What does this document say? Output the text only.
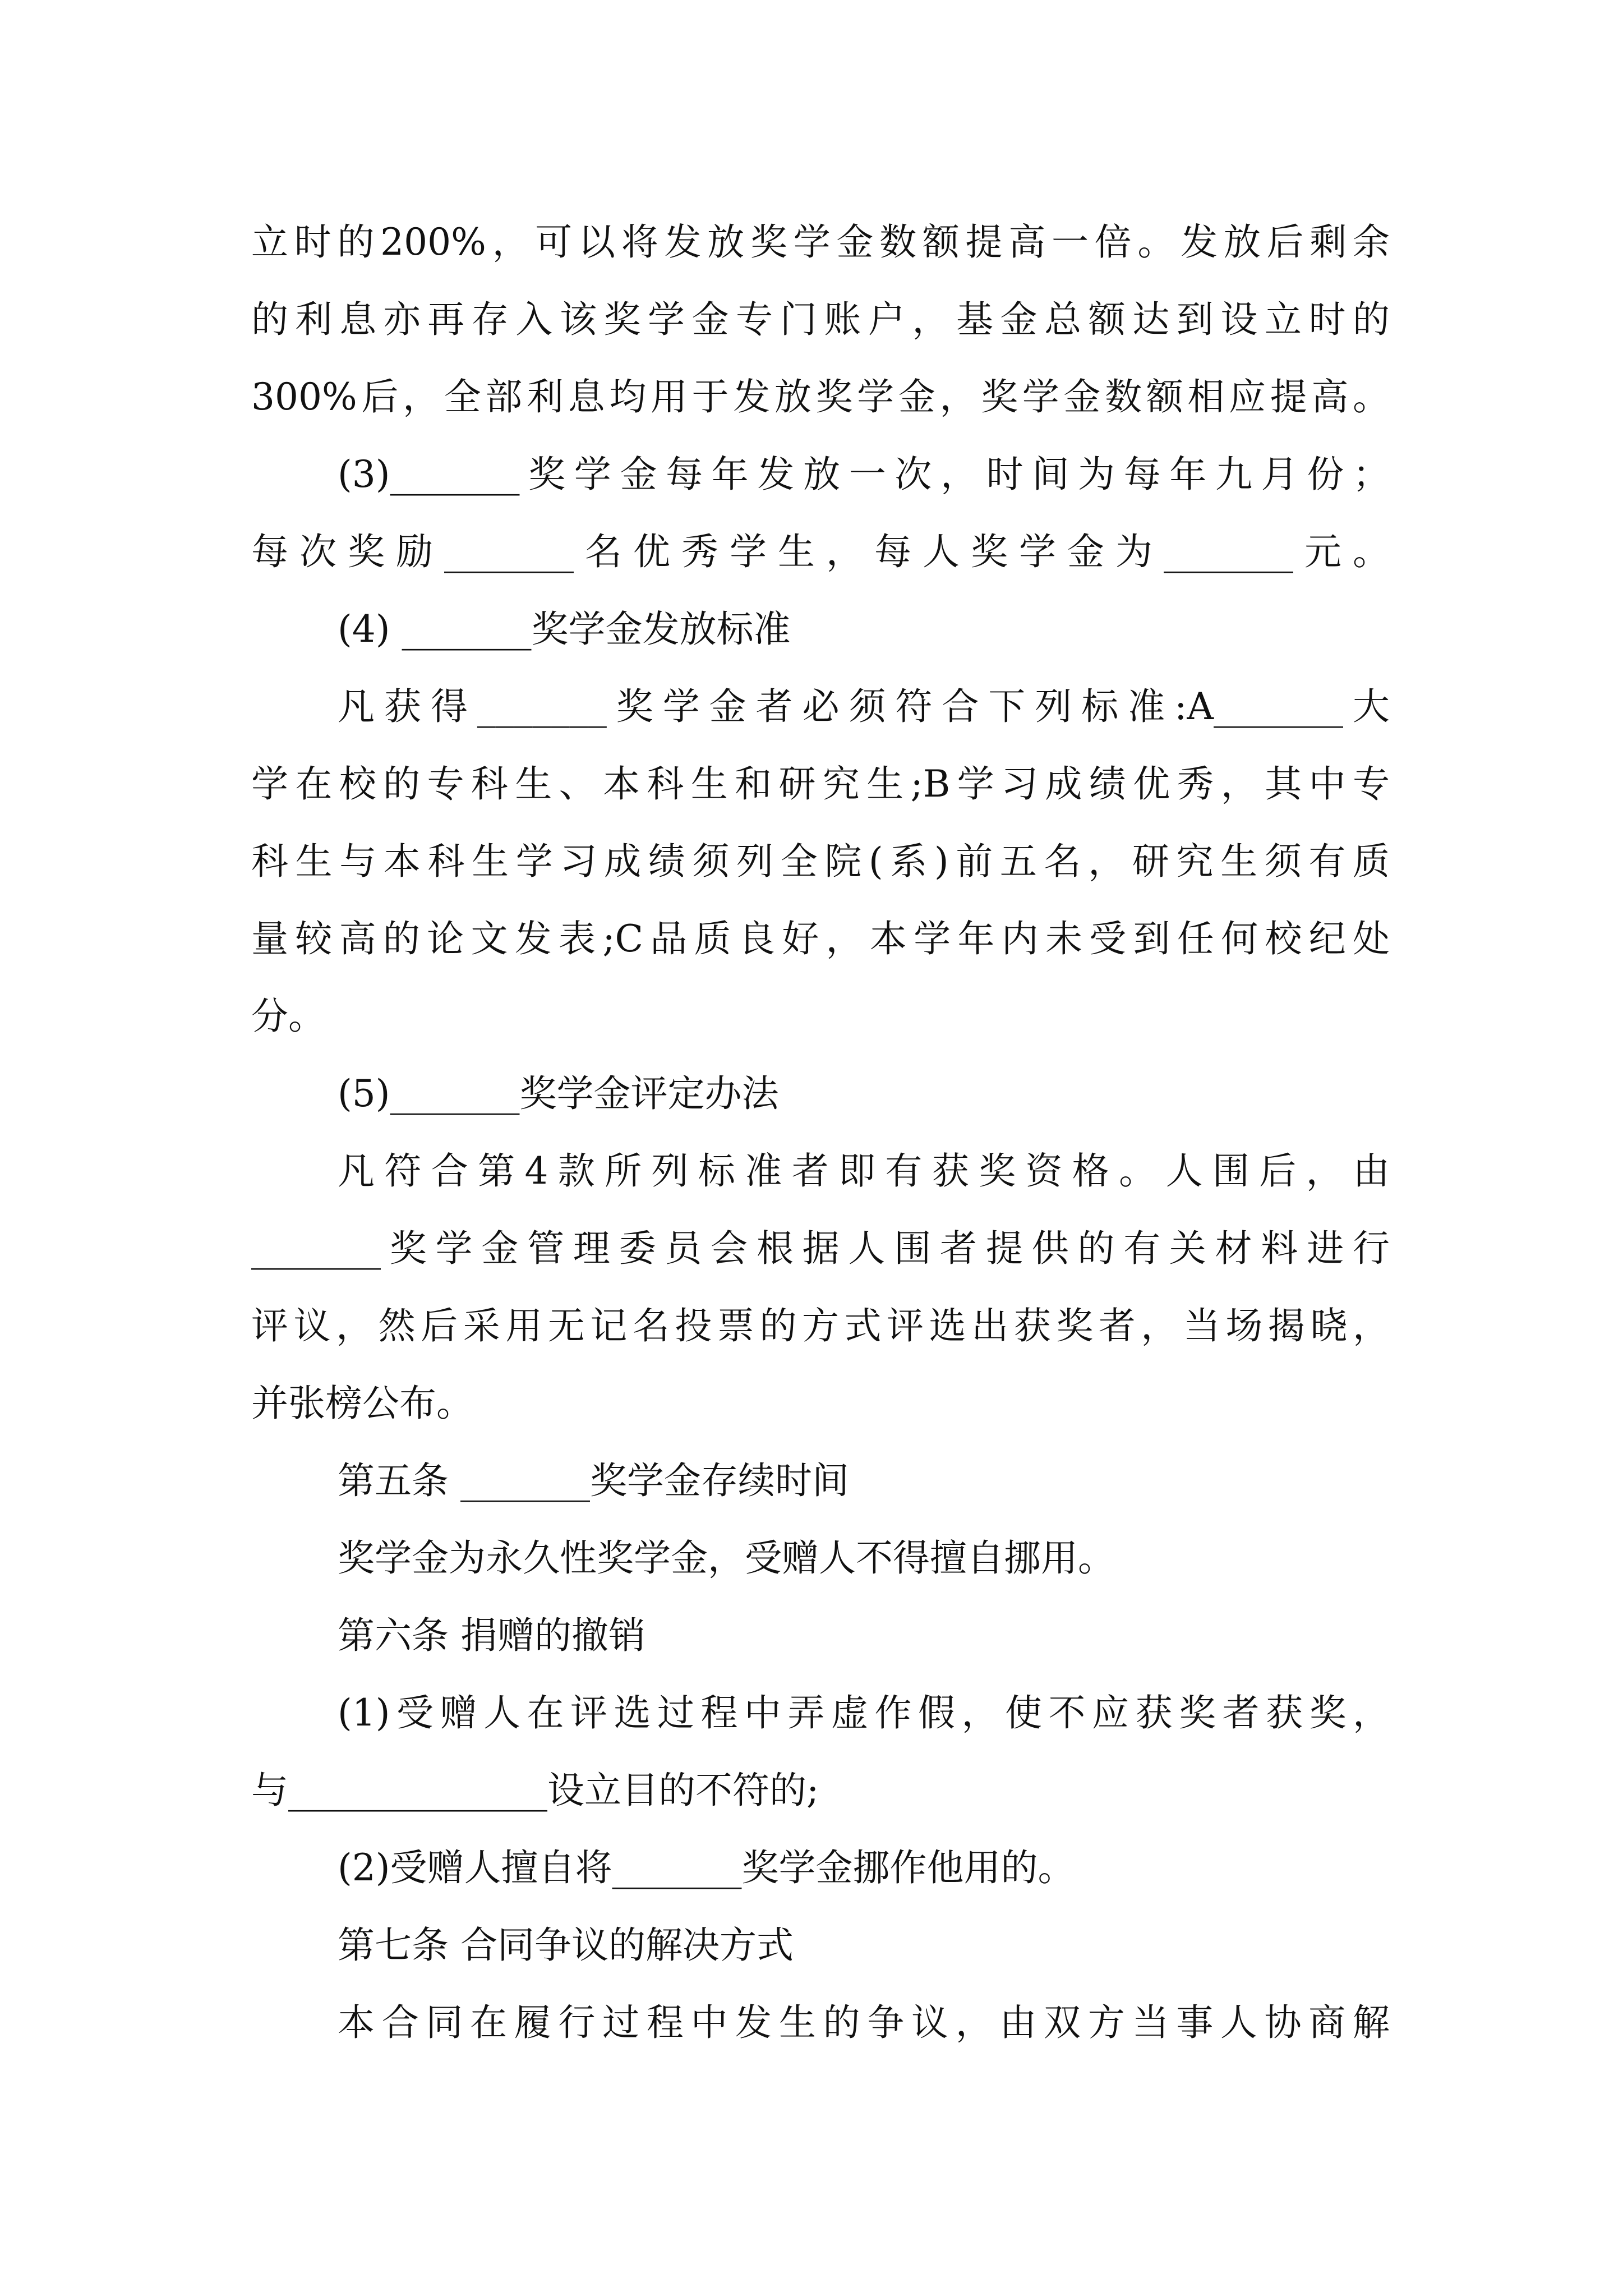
立时的200%，可以将发放奖学金数额提高一倍。发放后剩余
的利息亦再存入该奖学金专门账户，基金总额达到设立时的
300%后，全部利息均用于发放奖学金，奖学金数额相应提高。
(3)_______奖学金每年发放一次，时间为每年九月份；
每次奖励_______名优秀学生，每人奖学金为_______元。
(4) _______奖学金发放标准
凡获得_______奖学金者必须符合下列标准:A_______大
学在校的专科生、本科生和研究生;B学习成绩优秀，其中专
科生与本科生学习成绩须列全院(系)前五名，研究生须有质
量较高的论文发表;C品质良好，本学年内未受到任何校纪处
分。
(5)_______奖学金评定办法
凡符合第4款所列标准者即有获奖资格。人围后，由
_______奖学金管理委员会根据人围者提供的有关材料进行
评议，然后采用无记名投票的方式评选出获奖者，当场揭晓，
并张榜公布。
第五条 _______奖学金存续时间
奖学金为永久性奖学金，受赠人不得擅自挪用。
第六条 捐赠的撤销
(1)受赠人在评选过程中弄虚作假，使不应获奖者获奖，
与______________设立目的不符的;
(2)受赠人擅自将_______奖学金挪作他用的。
第七条 合同争议的解决方式
本合同在履行过程中发生的争议，由双方当事人协商解
